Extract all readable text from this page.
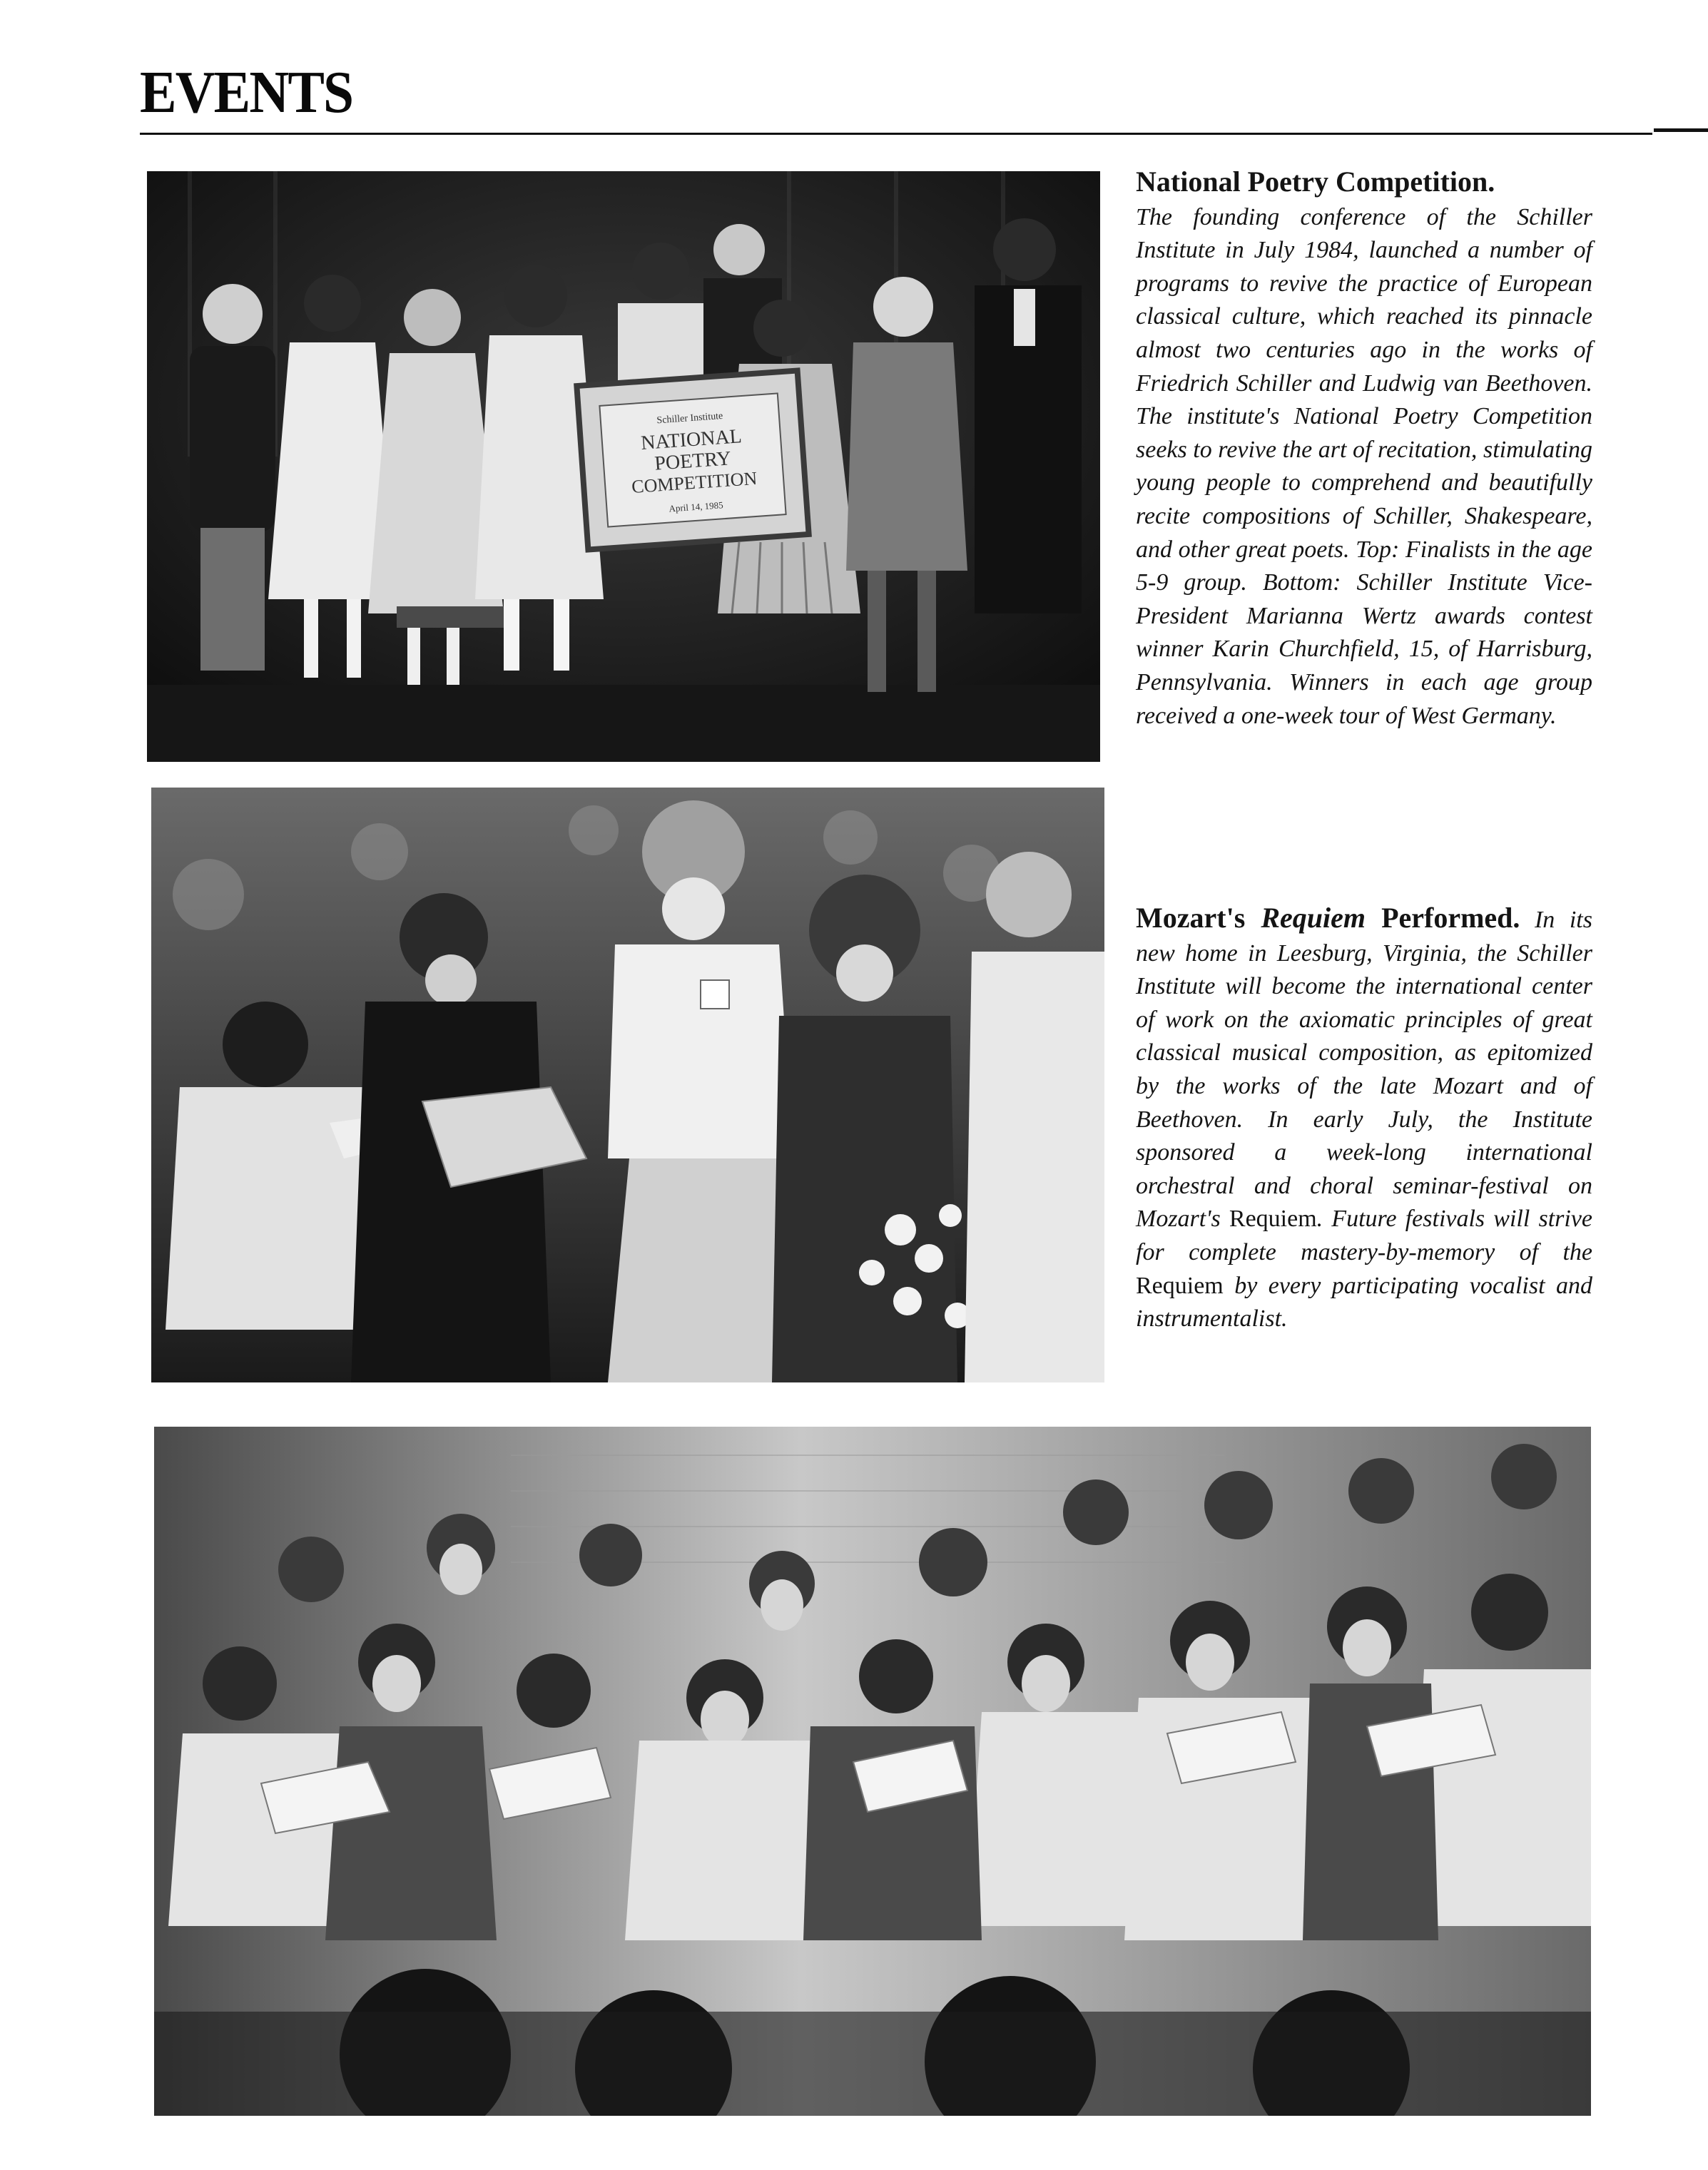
EVENTS
Schiller Institute
NATIONAL
POETRY
COMPETITION
April 14, 1985
National Poetry Competition.
The founding conference of the Schiller Institute in July 1984, launched a number of programs to revive the practice of European classical culture, which reached its pinnacle almost two centuries ago in the works of Friedrich Schiller and Ludwig van Beethoven. The institute's National Poetry Competition seeks to revive the art of recitation, stimulating young people to comprehend and beautifully recite compositions of Schiller, Shakespeare, and other great poets. Top: Finalists in the age 5-9 group. Bottom: Schiller Institute Vice-President Marianna Wertz awards contest winner Karin Churchfield, 15, of Harrisburg, Pennsylvania. Winners in each age group received a one-week tour of West Germany.
Mozart's Requiem Performed. In its new home in Leesburg, Virginia, the Schiller Institute will become the international center of work on the axiomatic principles of great classical musical composition, as epitomized by the works of the late Mozart and of Beethoven. In early July, the Institute sponsored a week-long international orchestral and choral seminar-festival on Mozart's Requiem. Future festivals will strive for complete mastery-by-memory of the Requiem by every participating vocalist and instrumentalist.
